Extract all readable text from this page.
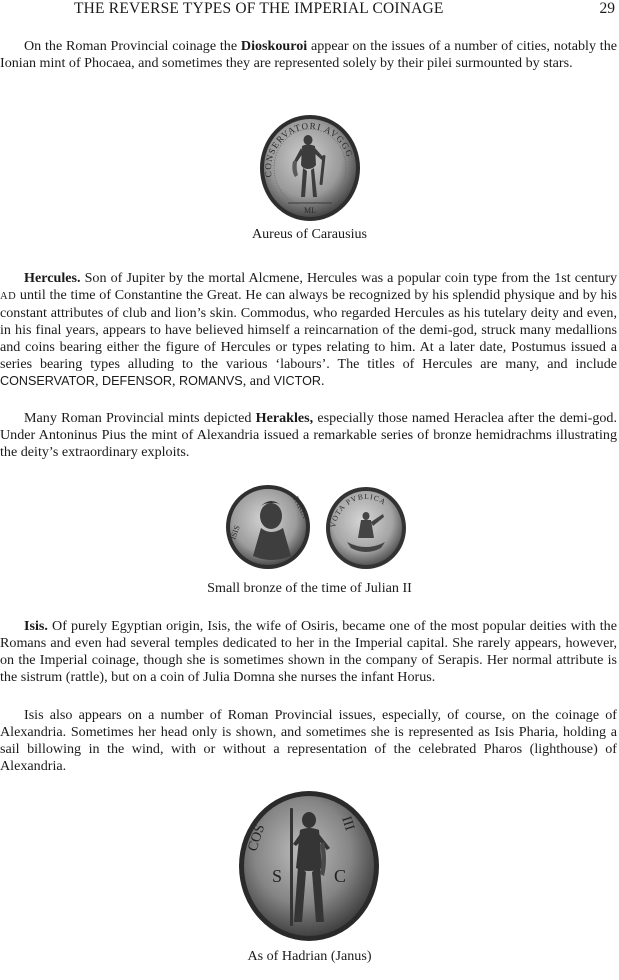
THE REVERSE TYPES OF THE IMPERIAL COINAGE	29

On the Roman Provincial coinage the Dioskouroi appear on the issues of a number of cities, notably the Ionian mint of Phocaea, and sometimes they are represented solely by their pilei surmounted by stars.

CONSERVATORI AVGGG
ML
Aureus of Carausius

Hercules. Son of Jupiter by the mortal Alcmene, Hercules was a popular coin type from the 1st century AD until the time of Constantine the Great. He can always be recognized by his splendid physique and by his constant attributes of club and lion’s skin. Commodus, who regarded Hercules as his tutelary deity and even, in his final years, appears to have believed himself a reincarnation of the demi-god, struck many medallions and coins bearing either the figure of Hercules or types relating to him. At a later date, Postumus issued a series bearing types alluding to the various ‘labours’. The titles of Hercules are many, and include CONSERVATOR, DEFENSOR, ROMANVS, and VICTOR.

Many Roman Provincial mints depicted Herakles, especially those named Heraclea after the demi-god. Under Antoninus Pius the mint of Alexandria issued a remarkable series of bronze hemidrachms illustrating the deity’s extraordinary exploits.

ISIS
FARIA
VOTA PVBLICA
Small bronze of the time of Julian II

Isis. Of purely Egyptian origin, Isis, the wife of Osiris, became one of the most popular deities with the Romans and even had several temples dedicated to her in the Imperial capital. She rarely appears, however, on the Imperial coinage, though she is sometimes shown in the company of Serapis. Her normal attribute is the sistrum (rattle), but on a coin of Julia Domna she nurses the infant Horus.

Isis also appears on a number of Roman Provincial issues, especially, of course, on the coinage of Alexandria. Sometimes her head only is shown, and sometimes she is represented as Isis Pharia, holding a sail billowing in the wind, with or without a representation of the celebrated Pharos (lighthouse) of Alexandria.

COS	III
S	C
As of Hadrian (Janus)
